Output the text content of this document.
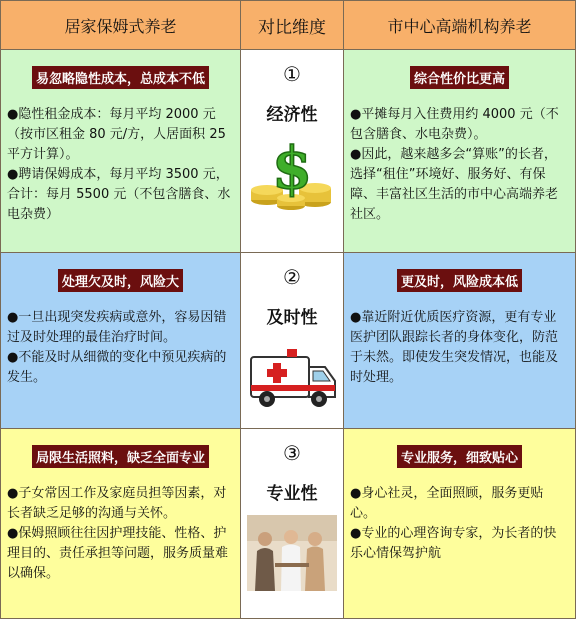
居家保姆式养老	对比维度	市中心高端机构养老
易忽略隐性成本，总成本不低

●隐性租金成本：每月平均 2000 元（按市区租金 80 元/方，人居面积 25 平方计算）。

●聘请保姆成本，每月平均 3500 元，合计：每月 5500 元（不包含膳食、水电杂费）

①
经济性
$
综合性价比更高

●平摊每月入住费用约 4000 元（不包含膳食、水电杂费）。

●因此，越来越多会“算账”的长者，选择“租住”环境好、服务好、有保障、丰富社区生活的市中心高端养老社区。

处理欠及时，风险大

●一旦出现突发疾病或意外，容易因错过及时处理的最佳治疗时间。

●不能及时从细微的变化中预见疾病的发生。

②
及时性
更及时，风险成本低

●靠近附近优质医疗资源，更有专业医护团队跟踪长者的身体变化，防范于未然。即使发生突发情况，也能及时处理。

局限生活照料，缺乏全面专业

●子女常因工作及家庭员担等因素，对长者缺乏足够的沟通与关怀。

●保姆照顾往往因护理技能、性格、护理目的、责任承担等问题，服务质量难以确保。

③
专业性
专业服务，细致贴心

●身心社灵，全面照顾，服务更贴心。

●专业的心理咨询专家，为长者的快乐心情保驾护航
